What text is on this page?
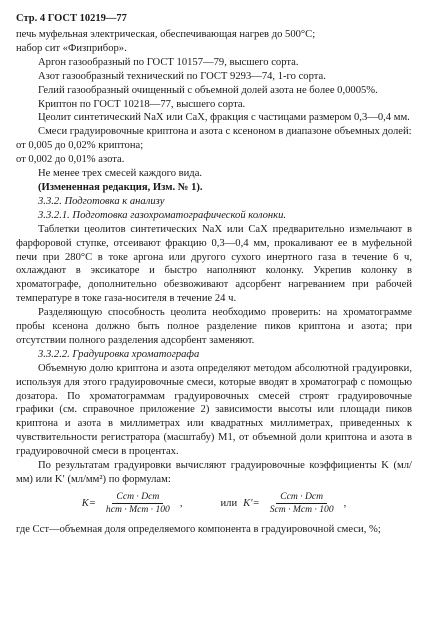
Стр. 4 ГОСТ 10219—77

печь муфельная электрическая, обеспечивающая нагрев до 500°C;

набор сит «Физприбор».

Аргон газообразный по ГОСТ 10157—79, высшего сорта.

Азот газообразный технический по ГОСТ 9293—74, 1-го сорта.

Гелий газообразный очищенный с объемной долей азота не более 0,0005%.

Криптон по ГОСТ 10218—77, высшего сорта.

Цеолит синтетический NaX или CaX, фракция с частицами размером 0,3—0,4 мм.

Смеси градуировочные криптона и азота с ксеноном в диапазоне объемных долей:

от 0,005 до 0,02% криптона;

от 0,002 до 0,01% азота.

Не менее трех смесей каждого вида.

(Измененная редакция, Изм. № 1).

3.3.2. Подготовка к анализу

3.3.2.1. Подготовка газохроматографической колонки.

Таблетки цеолитов синтетических NaX или CaX предварительно измельчают в фарфоровой ступке, отсеивают фракцию 0,3—0,4 мм, прокаливают ее в муфельной печи при 280°C в токе аргона или другого сухого инертного газа в течение 6 ч, охлаждают в эксикаторе и быстро наполняют колонку. Укрепив колонку в хроматографе, дополнительно обезвоживают адсорбент нагреванием при рабочей температуре в токе газа-носителя в течение 24 ч.

Разделяющую способность цеолита необходимо проверить: на хроматограмме пробы ксенона должно быть полное разделение пиков криптона и азота; при отсутствии полного разделения адсорбент заменяют.

3.3.2.2. Градуировка хроматографа

Объемную долю криптона и азота определяют методом абсолютной градуировки, используя для этого градуировочные смеси, которые вводят в хроматограф с помощью дозатора. По хроматограммам градуировочных смесей строят градуировочные графики (см. справочное приложение 2) зависимости высоты или площади пиков криптона и азота в миллиметрах или квадратных миллиметрах, приведенных к чувствительности регистратора (масштабу) M1, от объемной доли криптона и азота в градуировочной смеси в процентах.

По результатам градуировки вычисляют градуировочные коэффициенты K (мл/мм) или K′ (мл/мм²) по формулам:

$K= \frac{\text{Cст · Dст}}{\text{hст · Mст · 100}}$ ,	или $K'= \frac{\text{Cст · Dст}}{\text{Sст · Mст · 100}}$ ,

где Cст—объемная доля определяемого компонента в градуировочной смеси, %;
